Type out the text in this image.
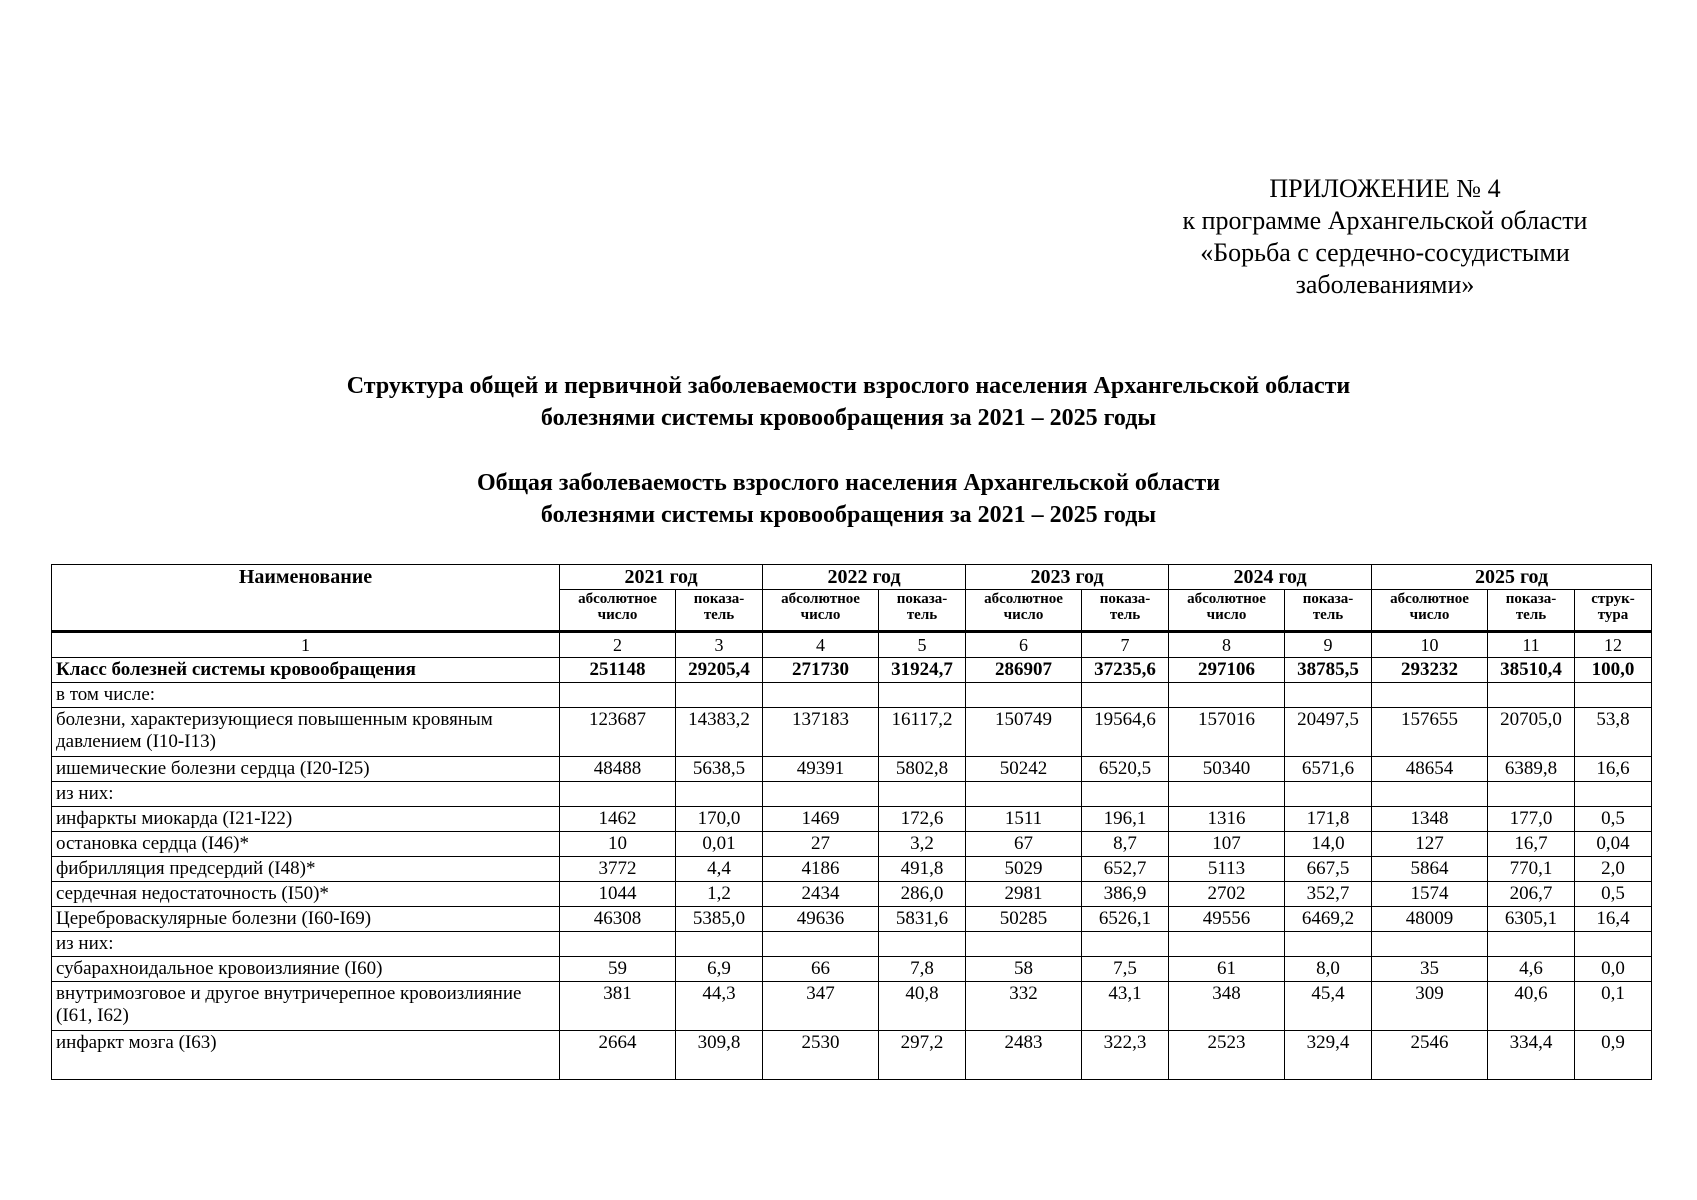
ПРИЛОЖЕНИЕ № 4
к программе Архангельской области
«Борьба с сердечно-сосудистыми
заболеваниями»
Структура общей и первичной заболеваемости взрослого населения Архангельской области
болезнями системы кровообращения за 2021 – 2025 годы
Общая заболеваемость взрослого населения Архангельской области
болезнями системы кровообращения за 2021 – 2025 годы
Наименование	2021 год		2022 год		2023 год		2024 год		2025 год		
	абсолютное число	показа-тель	абсолютное число	показа-тель	абсолютное число	показа-тель	абсолютное число	показа-тель	абсолютное число	показа-тель	струк-тура
1	2	3	4	5	6	7	8	9	10	11	12
Класс болезней системы кровообращения	251148	29205,4	271730	31924,7	286907	37235,6	297106	38785,5	293232	38510,4	100,0
в том числе:											
болезни, характеризующиеся повышенным кровяным давлением (I10-I13)	123687	14383,2	137183	16117,2	150749	19564,6	157016	20497,5	157655	20705,0	53,8
ишемические болезни сердца (I20-I25)	48488	5638,5	49391	5802,8	50242	6520,5	50340	6571,6	48654	6389,8	16,6
из них:											
инфаркты миокарда (I21-I22)	1462	170,0	1469	172,6	1511	196,1	1316	171,8	1348	177,0	0,5
остановка сердца (I46)*	10	0,01	27	3,2	67	8,7	107	14,0	127	16,7	0,04
фибрилляция предсердий (I48)*	3772	4,4	4186	491,8	5029	652,7	5113	667,5	5864	770,1	2,0
сердечная недостаточность (I50)*	1044	1,2	2434	286,0	2981	386,9	2702	352,7	1574	206,7	0,5
Цереброваскулярные болезни (I60-I69)	46308	5385,0	49636	5831,6	50285	6526,1	49556	6469,2	48009	6305,1	16,4
из них:											
субарахноидальное кровоизлияние (I60)	59	6,9	66	7,8	58	7,5	61	8,0	35	4,6	0,0
внутримозговое и другое внутричерепное кровоизлияние (I61, I62)	381	44,3	347	40,8	332	43,1	348	45,4	309	40,6	0,1
инфаркт мозга (I63)	2664	309,8	2530	297,2	2483	322,3	2523	329,4	2546	334,4	0,9
